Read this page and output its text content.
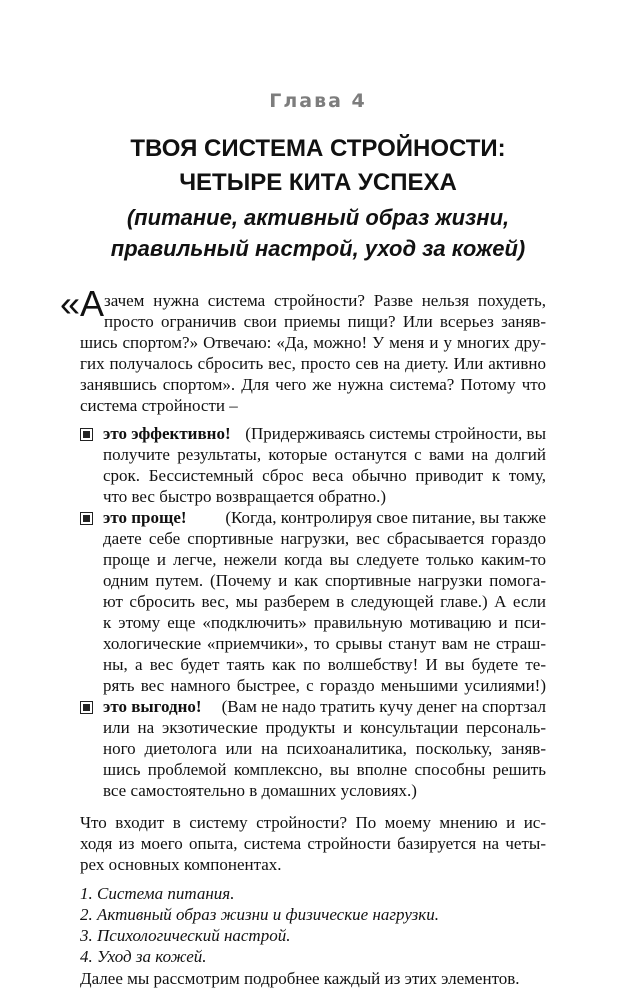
Глава 4
ТВОЯ СИСТЕМА СТРОЙНОСТИ:
ЧЕТЫРЕ КИТА УСПЕХА
(питание, активный образ жизни,
правильный настрой, уход за кожей)
«А зачем нужна система стройности? Разве нельзя похудеть,
просто ограничив свои приемы пищи? Или всерьез заняв-
шись спортом?» Отвечаю: «Да, можно! У меня и у многих дру-
гих получалось сбросить вес, просто сев на диету. Или активно
занявшись спортом». Для чего же нужна система? Потому что
система стройности –
это эффективно! (Придерживаясь системы стройности, вы
получите результаты, которые останутся с вами на долгий
срок. Бессистемный сброс веса обычно приводит к тому,
что вес быстро возвращается обратно.)
это проще! (Когда, контролируя свое питание, вы также
даете себе спортивные нагрузки, вес сбрасывается гораздо
проще и легче, нежели когда вы следуете только каким-то
одним путем. (Почему и как спортивные нагрузки помога-
ют сбросить вес, мы разберем в следующей главе.) А если
к этому еще «подключить» правильную мотивацию и пси-
хологические «приемчики», то срывы станут вам не страш-
ны, а вес будет таять как по волшебству! И вы будете те-
рять вес намного быстрее, с гораздо меньшими усилиями!)
это выгодно! (Вам не надо тратить кучу денег на спортзал
или на экзотические продукты и консультации персональ-
ного диетолога или на психоаналитика, поскольку, заняв-
шись проблемой комплексно, вы вполне способны решить
все самостоятельно в домашних условиях.)
Что входит в систему стройности? По моему мнению и ис-
ходя из моего опыта, система стройности базируется на четы-
рех основных компонентах.
1. Система питания.
2. Активный образ жизни и физические нагрузки.
3. Психологический настрой.
4. Уход за кожей.
Далее мы рассмотрим подробнее каждый из этих элементов.
